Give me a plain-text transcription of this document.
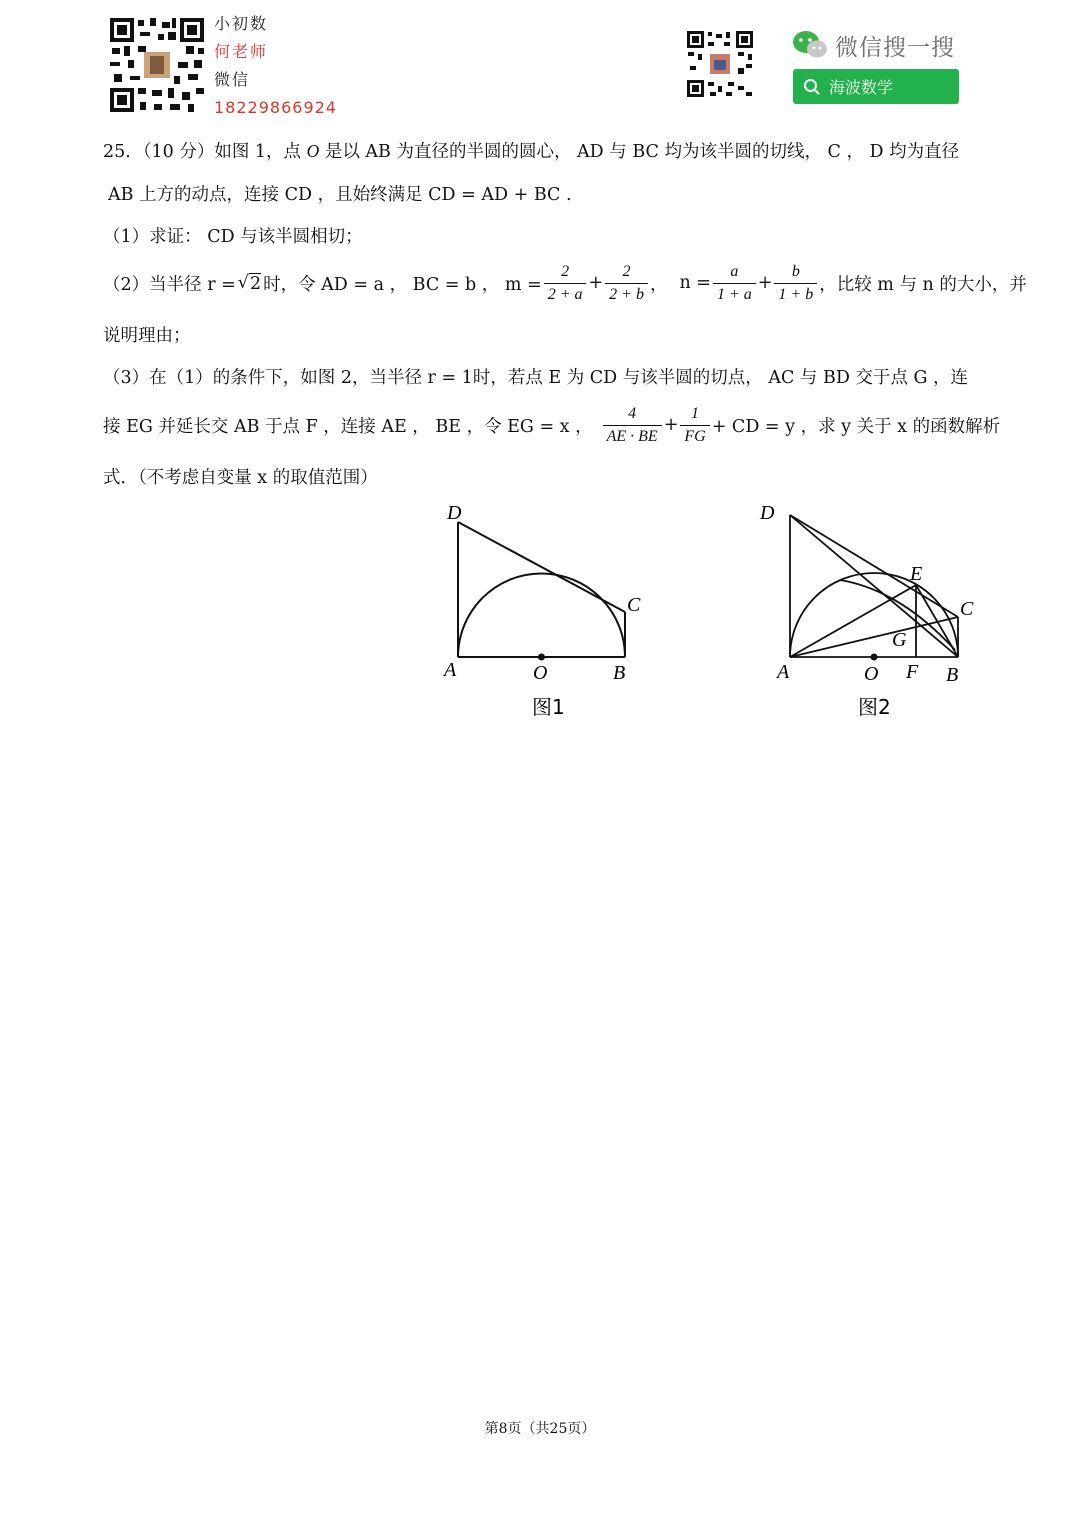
小初数
何老师
微信
18229866924
微信搜一搜
海波数学
25．（10 分）如图 1，点 O 是以 AB 为直径的半圆的圆心， AD 与 BC 均为该半圆的切线， C ， D 均为直径
AB 上方的动点，连接 CD ，且始终满足 CD = AD + BC .
（1）求证： CD 与该半圆相切；
（2）当半径 r = √ 2 时，令 AD = a ， BC = b ， $m = \frac{2}{2 + a} + \frac{2}{2 + b}$ ， $n = \frac{a}{1 + a} + \frac{b}{1 + b}$ ，比较 m 与 n 的大小，并
说明理由；
（3）在（1）的条件下，如图 2，当半径 r = 1时，若点 E 为 CD 与该半圆的切点， AC 与 BD 交于点 G ，连
接 EG 并延长交 AB 于点 F ，连接 AE ， BE ，令 EG = x ， $\frac{4}{AE \cdot BE} + \frac{1}{FG}$ + CD = y ，求 y 关于 x 的函数解析
式．（不考虑自变量 x 的取值范围）
D
C
A	O	B
图1
D
E
C
G
A	O F B
图2
第8页（共25页）
